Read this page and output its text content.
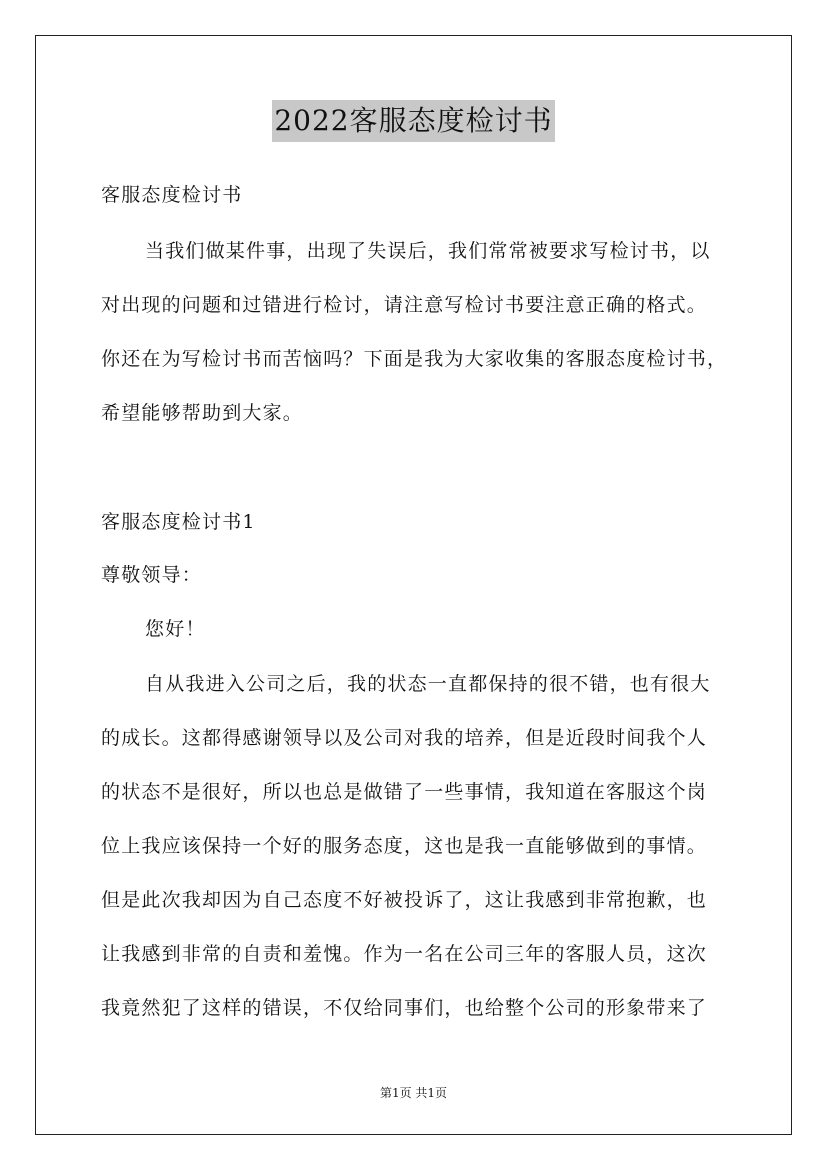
2022客服态度检讨书
客服态度检讨书
当我们做某件事，出现了失误后，我们常常被要求写检讨书，以
对出现的问题和过错进行检讨，请注意写检讨书要注意正确的格式。
你还在为写检讨书而苦恼吗？下面是我为大家收集的客服态度检讨书，
希望能够帮助到大家。
客服态度检讨书1
尊敬领导：
您好！
自从我进入公司之后，我的状态一直都保持的很不错，也有很大
的成长。这都得感谢领导以及公司对我的培养，但是近段时间我个人
的状态不是很好，所以也总是做错了一些事情，我知道在客服这个岗
位上我应该保持一个好的服务态度，这也是我一直能够做到的事情。
但是此次我却因为自己态度不好被投诉了，这让我感到非常抱歉，也
让我感到非常的自责和羞愧。作为一名在公司三年的客服人员，这次
我竟然犯了这样的错误，不仅给同事们，也给整个公司的形象带来了
第1页 共1页
